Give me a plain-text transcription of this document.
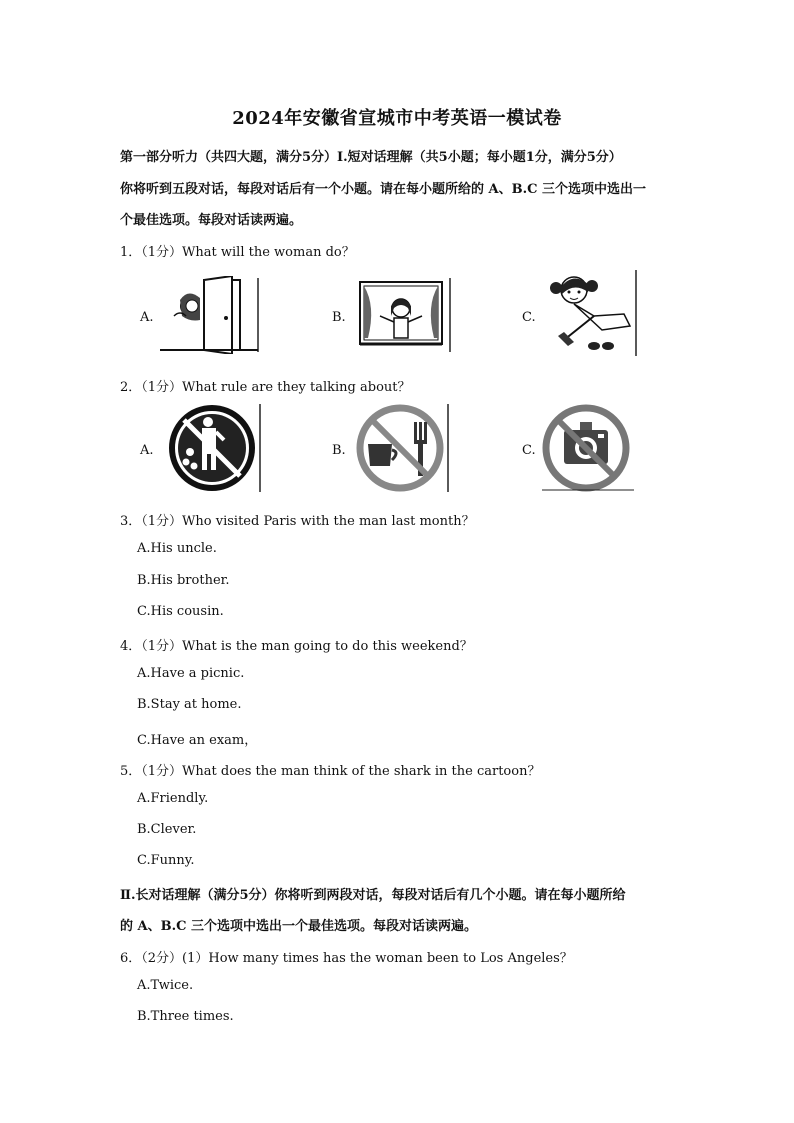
2024年安徽省宣城市中考英语一模试卷
第一部分听力（共四大题，满分5分）I.短对话理解（共5小题；每小题1分，满分5分）
你将听到五段对话，每段对话后有一个小题。请在每小题所给的 A、B.C 三个选项中选出一
个最佳选项。每段对话读两遍。
1．（1分）What will the woman do？
A.	B.	C.
2．（1分）What rule are they talking about？
A.	B.	C.
3．（1分）Who visited Paris with the man last month？
A.His uncle.
B.His brother.
C.His cousin.
4．（1分）What is the man going to do this weekend？
A.Have a picnic.
B.Stay at home.
C.Have an exam，
5．（1分）What does the man think of the shark in the cartoon？
A.Friendly.
B.Clever.
C.Funny.
Ⅱ.长对话理解（满分5分）你将听到两段对话，每段对话后有几个小题。请在每小题所给
的 A、B.C 三个选项中选出一个最佳选项。每段对话读两遍。
6．（2分）(1）How many times has the woman been to Los Angeles？
A.Twice.
B.Three times.
